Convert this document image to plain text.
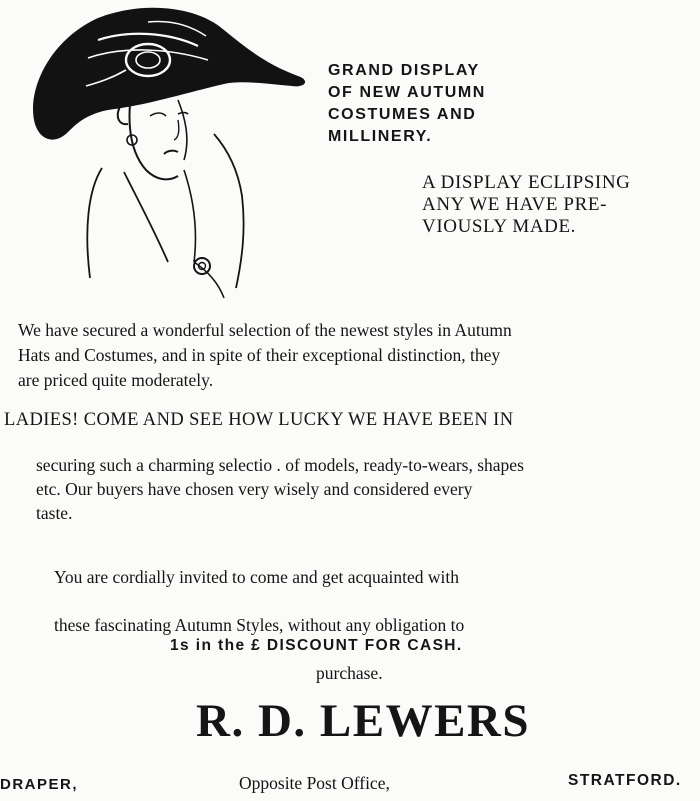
GRAND DISPLAY
OF NEW AUTUMN
COSTUMES AND
MILLINERY.
A DISPLAY ECLIPSING
ANY WE HAVE PRE-
VIOUSLY MADE.
We have secured a wonderful selection of the newest styles in Autumn
Hats and Costumes, and in spite of their exceptional distinction, they
are priced quite moderately.
LADIES! COME AND SEE HOW LUCKY WE HAVE BEEN IN
securing such a charming selectio . of models, ready-to-wears, shapes
etc. Our buyers have chosen very wisely and considered every
taste.

You are cordially invited to come and get acquainted with

these fascinating Autumn Styles, without any obligation to

purchase.

1s in the £ DISCOUNT FOR CASH.
R. D. LEWERS
DRAPER,	Opposite Post Office,	STRATFORD.
